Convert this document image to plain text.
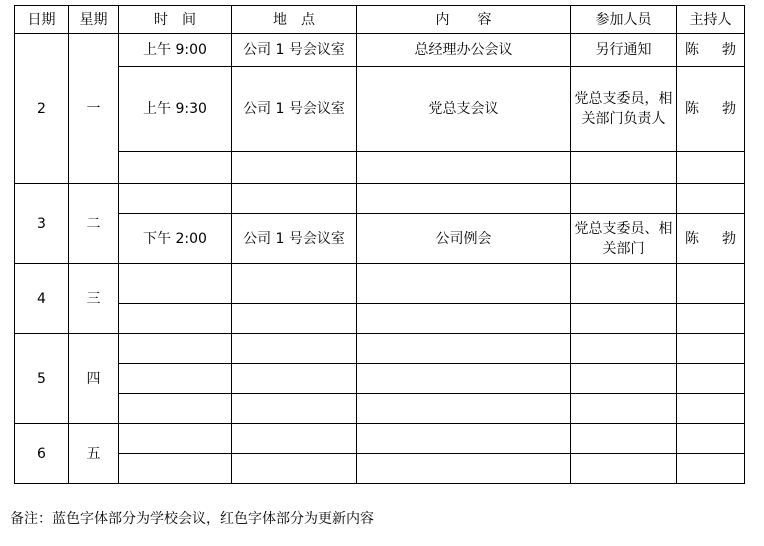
日期	星期	时　间	地　点	内　　容	参加人员	主持人
2	一	上午 9:00	公司 1 号会议室	总经理办公会议	另行通知	陈　勃
		上午 9:30	公司 1 号会议室	党总支会议	党总支委员，相关部门负责人	陈　勃

3	二					
		下午 2:00	公司 1 号会议室	公司例会	党总支委员、相关部门	陈　勃
4	三					

5	四					

6	五					

备注：蓝色字体部分为学校会议，红色字体部分为更新内容
